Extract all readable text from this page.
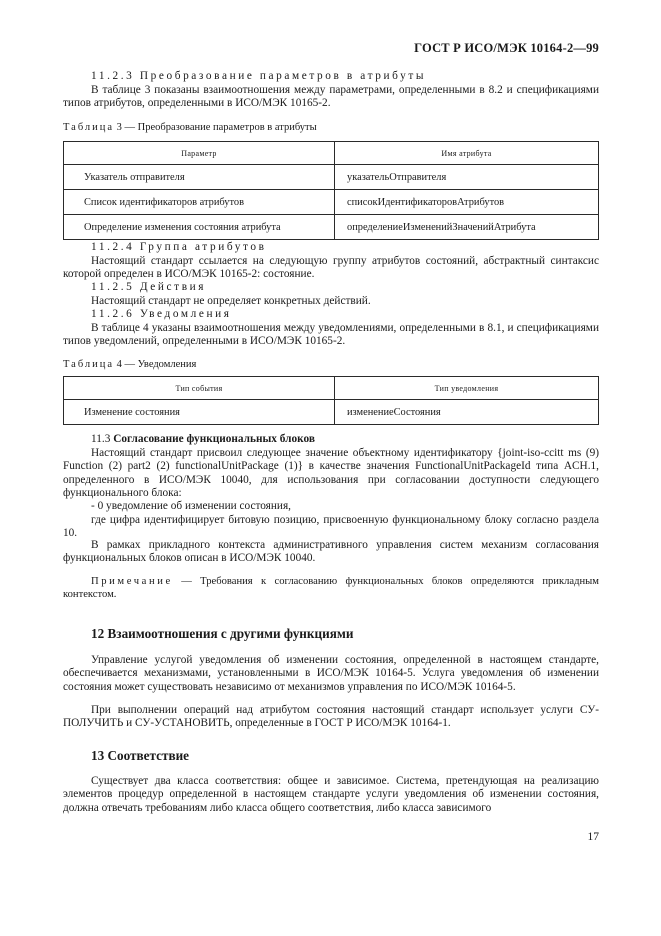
ГОСТ Р ИСО/МЭК 10164-2—99
11.2.3 Преобразование параметров в атрибуты
В таблице 3 показаны взаимоотношения между параметрами, определенными в 8.2 и спецификациями типов атрибутов, определенными в ИСО/МЭК 10165-2.
Таблица 3 — Преобразование параметров в атрибуты
Параметр	Имя атрибута
Указатель отправителя	указательОтправителя
Список идентификаторов атрибутов	списокИдентификаторовАтрибутов
Определение изменения состояния атрибута	определениеИзмененийЗначенийАтрибута
11.2.4 Группа атрибутов
Настоящий стандарт ссылается на следующую группу атрибутов состояний, абстрактный синтаксис которой определен в ИСО/МЭК 10165-2: состояние.
11.2.5 Действия
Настоящий стандарт не определяет конкретных действий.
11.2.6 Уведомления
В таблице 4 указаны взаимоотношения между уведомлениями, определенными в 8.1, и спецификациями типов уведомлений, определенными в ИСО/МЭК 10165-2.
Таблица 4 — Уведомления
Тип события	Тип уведомления
Изменение состояния	изменениеСостояния
11.3 Согласование функциональных блоков
Настоящий стандарт присвоил следующее значение объектному идентификатору {joint-iso-ccitt ms (9) Function (2) part2 (2) functionalUnitPackage (1)} в качестве значения FunctionalUnitPackageId типа ACH.1, определенного в ИСО/МЭК 10040, для использования при согласовании доступности следующего функционального блока:
- 0 уведомление об изменении состояния,
где цифра идентифицирует битовую позицию, присвоенную функциональному блоку согласно раздела 10.
В рамках прикладного контекста административного управления систем механизм согласования функциональных блоков описан в ИСО/МЭК 10040.
Примечание — Требования к согласованию функциональных блоков определяются прикладным контекстом.
12 Взаимоотношения с другими функциями
Управление услугой уведомления об изменении состояния, определенной в настоящем стандарте, обеспечивается механизмами, установленными в ИСО/МЭК 10164-5. Услуга уведомления об изменении состояния может существовать независимо от механизмов управления по ИСО/МЭК 10164-5.
При выполнении операций над атрибутом состояния настоящий стандарт использует услуги СУ-ПОЛУЧИТЬ и СУ-УСТАНОВИТЬ, определенные в ГОСТ Р ИСО/МЭК 10164-1.
13 Соответствие
Существует два класса соответствия: общее и зависимое. Система, претендующая на реализацию элементов процедур определенной в настоящем стандарте услуги уведомления об изменении состояния, должна отвечать требованиям либо класса общего соответствия, либо класса зависимого
17
